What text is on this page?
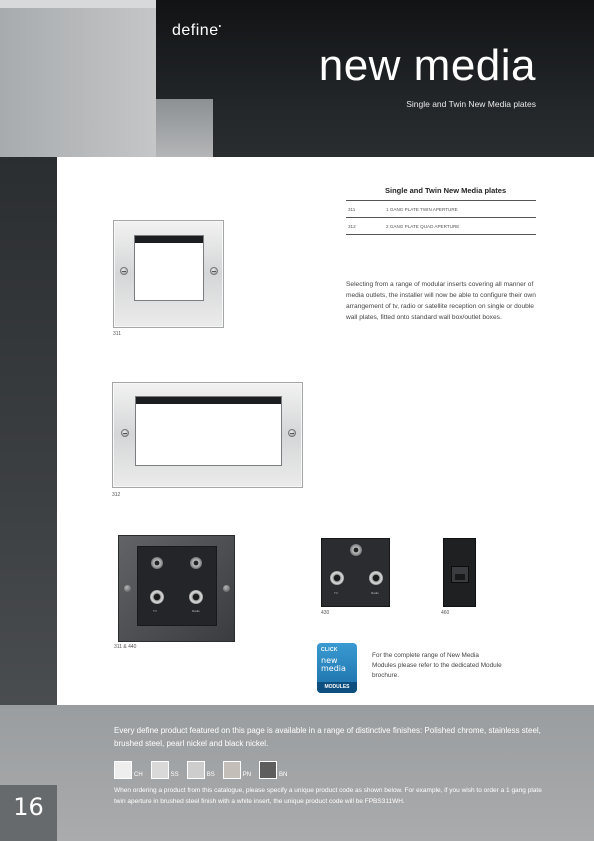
define•
new media
Single and Twin New Media plates
Single and Twin New Media plates
311	1 GANG PLATE TWIN APERTURE
312	2 GANG PLATE QUAD APERTURE

Selecting from a range of modular inserts covering all manner of media outlets, the installer will now be able to configure their own arrangement of tv, radio or satellite reception on single or double wall plates, fitted onto standard wall box/outlet boxes.

311
312
TV	Radio
311 & 440
TV	Radio
430	460
CLICK
new media
MODULES

For the complete range of New Media Modules please refer to the dedicated Module brochure.

Every define product featured on this page is available in a range of distinctive finishes: Polished chrome, stainless steel, brushed steel, pearl nickel and black nickel.

CH	SS	BS	PN	BN

When ordering a product from this catalogue, please specify a unique product code as shown below. For example, if you wish to order a 1 gang plate twin aperture in brushed steel finish with a white insert, the unique product code will be FPBS311WH.

16
